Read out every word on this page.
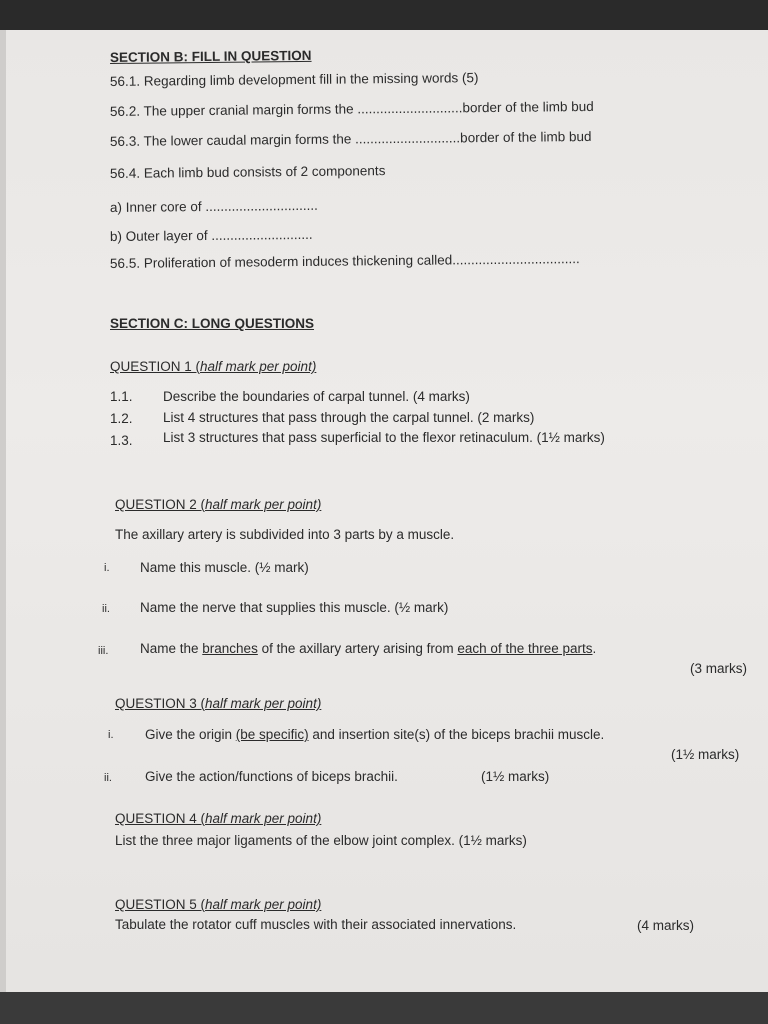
SECTION B: FILL IN QUESTION
56.1. Regarding limb development fill in the missing words (5)
56.2. The upper cranial margin forms the ............................border of the limb bud
56.3. The lower caudal margin forms the ............................border of the limb bud
56.4. Each limb bud consists of 2 components
a) Inner core of ..............................
b) Outer layer of ...........................
56.5. Proliferation of mesoderm induces thickening called..................................
SECTION C: LONG QUESTIONS
QUESTION 1 (half mark per point)
1.1. Describe the boundaries of carpal tunnel. (4 marks)
1.2. List 4 structures that pass through the carpal tunnel. (2 marks)
1.3. List 3 structures that pass superficial to the flexor retinaculum. (1½ marks)
QUESTION 2 (half mark per point)
The axillary artery is subdivided into 3 parts by a muscle.
i. Name this muscle. (½ mark)
ii. Name the nerve that supplies this muscle. (½ mark)
iii. Name the branches of the axillary artery arising from each of the three parts.
(3 marks)
QUESTION 3 (half mark per point)
i. Give the origin (be specific) and insertion site(s) of the biceps brachii muscle.
(1½ marks)
ii. Give the action/functions of biceps brachii.	(1½ marks)
QUESTION 4 (half mark per point)
List the three major ligaments of the elbow joint complex. (1½ marks)
QUESTION 5 (half mark per point)
Tabulate the rotator cuff muscles with their associated innervations.	(4 marks)
